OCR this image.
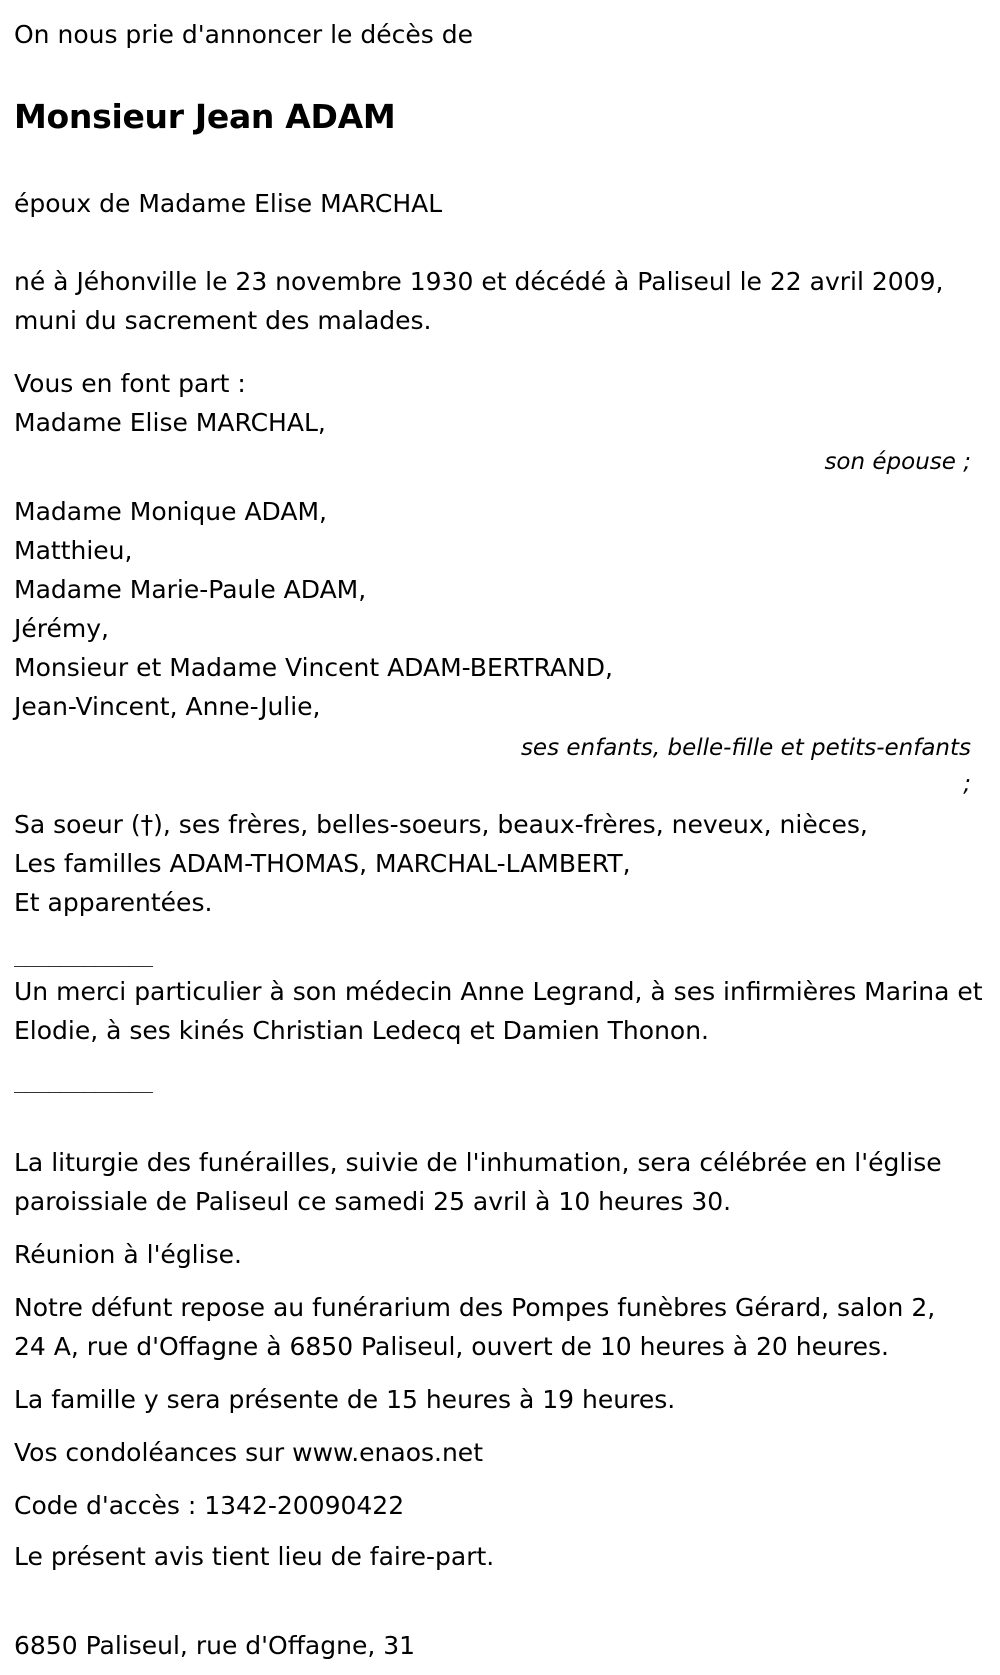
On nous prie d'annoncer le décès de
Monsieur Jean ADAM
époux de Madame Elise MARCHAL
né à Jéhonville le 23 novembre 1930 et décédé à Paliseul le 22 avril 2009, muni du sacrement des malades.
Vous en font part :
Madame Elise MARCHAL,
son épouse ;
Madame Monique ADAM,
Matthieu,
Madame Marie-Paule ADAM,
Jérémy,
Monsieur et Madame Vincent ADAM-BERTRAND,
Jean-Vincent, Anne-Julie,
ses enfants, belle-fille et petits-enfants ;
Sa soeur (†), ses frères, belles-soeurs, beaux-frères, neveux, nièces,
Les familles ADAM-THOMAS, MARCHAL-LAMBERT,
Et apparentées.
____________
Un merci particulier à son médecin Anne Legrand, à ses infirmières Marina et Elodie, à ses kinés Christian Ledecq et Damien Thonon.
____________
La liturgie des funérailles, suivie de l'inhumation, sera célébrée en l'église paroissiale de Paliseul ce samedi 25 avril à 10 heures 30.
Réunion à l'église.
Notre défunt repose au funérarium des Pompes funèbres Gérard, salon 2, 24 A, rue d'Offagne à 6850 Paliseul, ouvert de 10 heures à 20 heures.
La famille y sera présente de 15 heures à 19 heures.
Vos condoléances sur www.enaos.net
Code d'accès : 1342-20090422
Le présent avis tient lieu de faire-part.
6850 Paliseul, rue d'Offagne, 31
